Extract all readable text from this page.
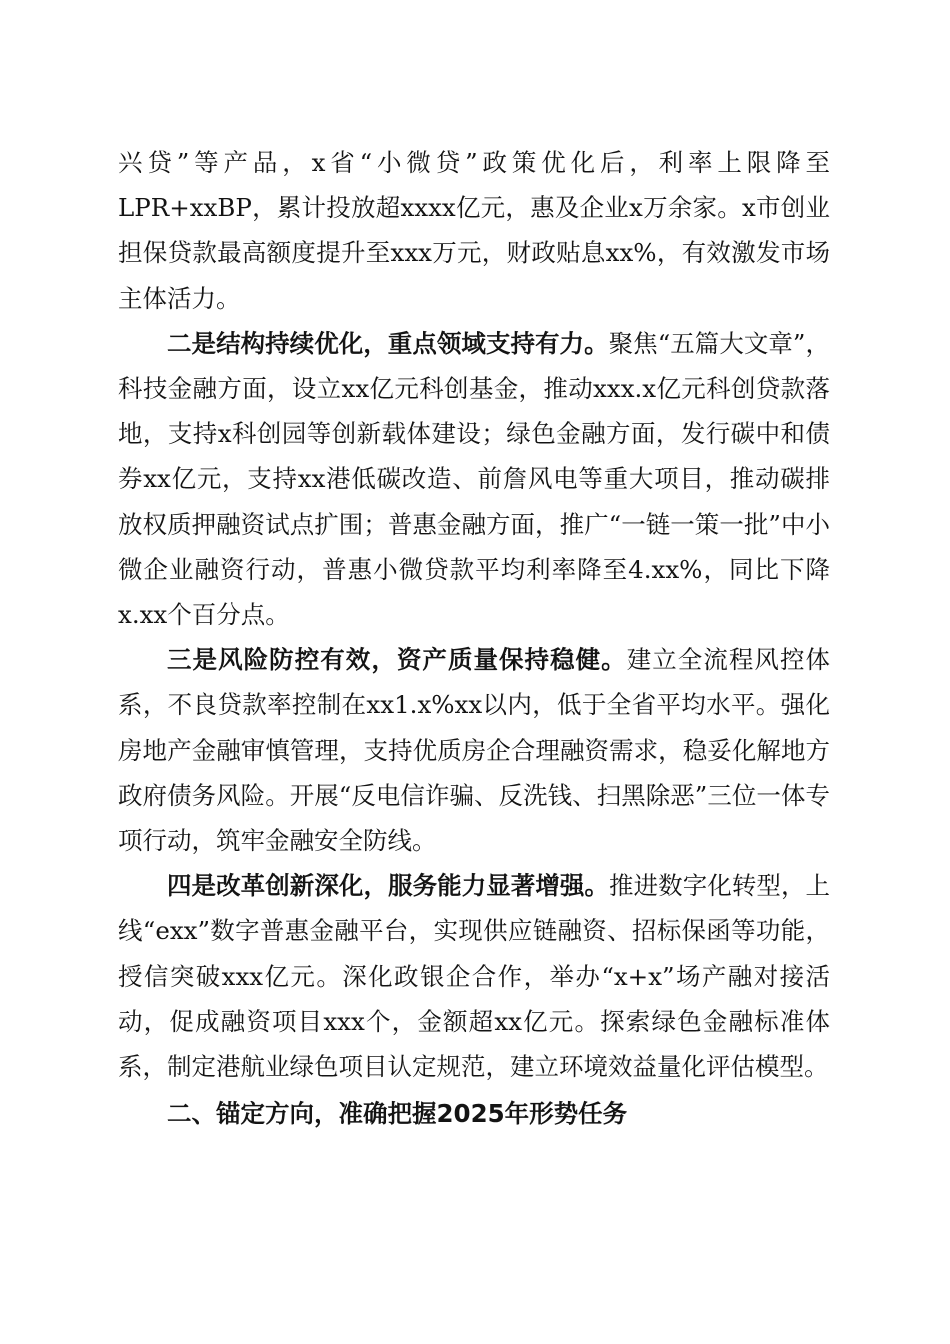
兴贷”等产品，x省“小微贷”政策优化后，利率上限降至LPR+xxBP，累计投放超xxxx亿元，惠及企业x万余家。x市创业担保贷款最高额度提升至xxx万元，财政贴息xx%，有效激发市场主体活力。

二是结构持续优化，重点领域支持有力。聚焦“五篇大文章”，科技金融方面，设立xx亿元科创基金，推动xxx.x亿元科创贷款落地，支持x科创园等创新载体建设；绿色金融方面，发行碳中和债券xx亿元，支持xx港低碳改造、前詹风电等重大项目，推动碳排放权质押融资试点扩围；普惠金融方面，推广“一链一策一批”中小微企业融资行动，普惠小微贷款平均利率降至4.xx%，同比下降x.xx个百分点。

三是风险防控有效，资产质量保持稳健。建立全流程风控体系，不良贷款率控制在xx1.x%xx以内，低于全省平均水平。强化房地产金融审慎管理，支持优质房企合理融资需求，稳妥化解地方政府债务风险。开展“反电信诈骗、反洗钱、扫黑除恶”三位一体专项行动，筑牢金融安全防线。

四是改革创新深化，服务能力显著增强。推进数字化转型，上线“exx”数字普惠金融平台，实现供应链融资、招标保函等功能，授信突破xxx亿元。深化政银企合作，举办“x+x”场产融对接活动，促成融资项目xxx个，金额超xx亿元。探索绿色金融标准体系，制定港航业绿色项目认定规范，建立环境效益量化评估模型。

二、锚定方向，准确把握2025年形势任务
